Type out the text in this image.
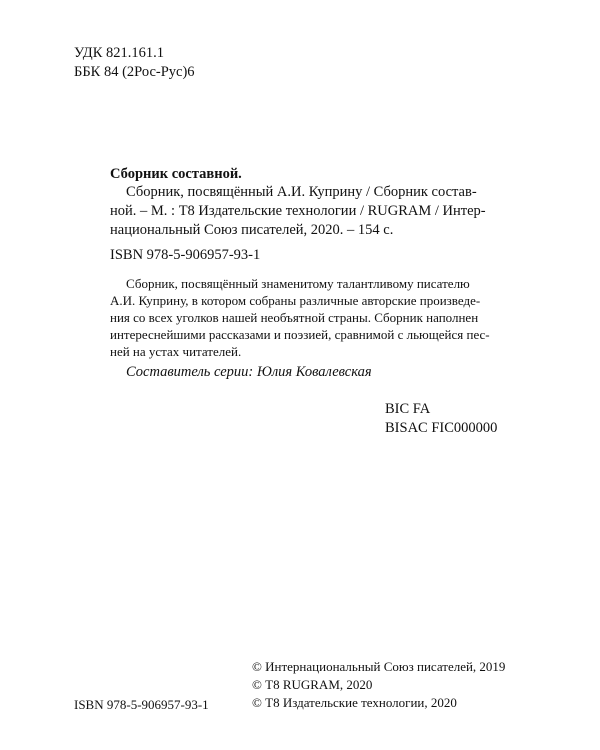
УДК 821.161.1
ББК 84 (2Рос-Рус)6
Сборник составной.
Сборник, посвящённый А.И. Куприну / Сборник состав-
ной. – М. : Т8 Издательские технологии / RUGRAM / Интер-
национальный Союз писателей, 2020. – 154 с.
ISBN 978-5-906957-93-1
Сборник, посвящённый знаменитому талантливому писателю
А.И. Куприну, в котором собраны различные авторские произведе-
ния со всех уголков нашей необъятной страны. Сборник наполнен
интереснейшими рассказами и поэзией, сравнимой с льющейся пес-
ней на устах читателей.
Составитель серии: Юлия Ковалевская
BIC FA
BISAC FIC000000
© Интернациональный Союз писателей, 2019
© Т8 RUGRAM, 2020
© Т8 Издательские технологии, 2020
ISBN 978-5-906957-93-1
